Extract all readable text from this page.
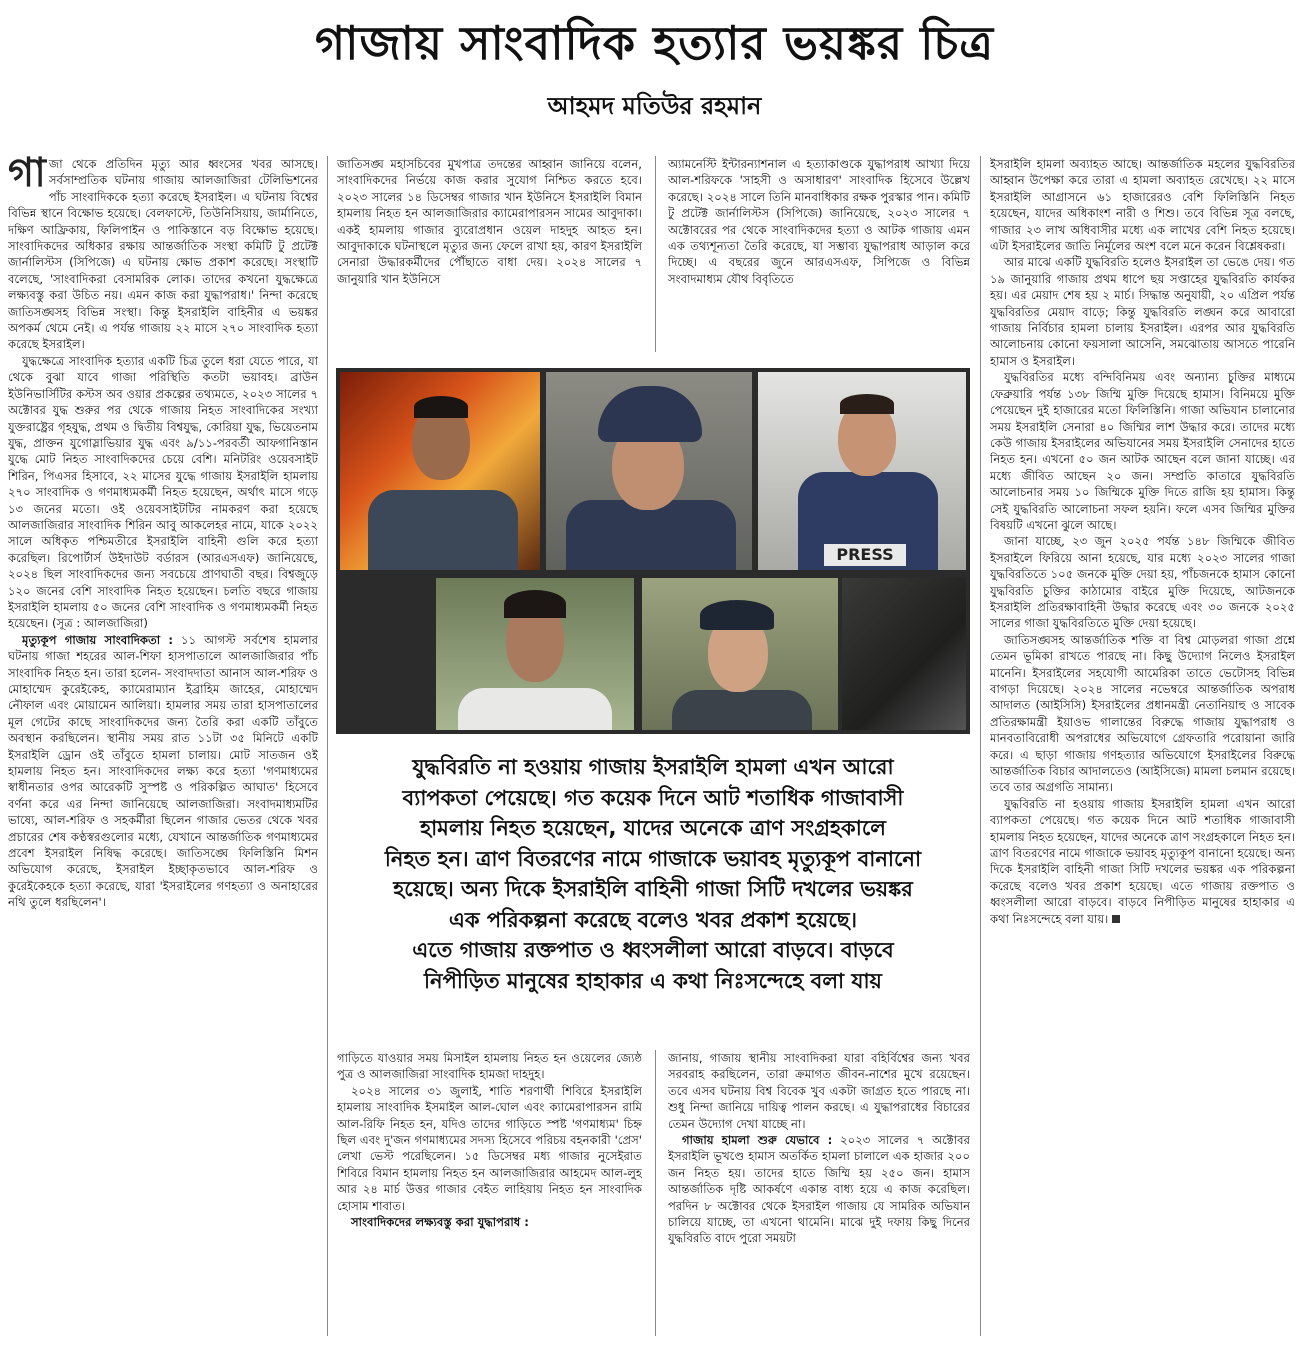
গাজায় সাংবাদিক হত্যার ভয়ঙ্কর চিত্র
আহমদ মতিউর রহমান

গাজা থেকে প্রতিদিন মৃত্যু আর ধ্বংসের খবর আসছে। সর্বসাম্প্রতিক ঘটনায় গাজায় আলজাজিরা টেলিভিশনের পাঁচ সাংবাদিককে হত্যা করেছে ইসরাইল। এ ঘটনায় বিশ্বের বিভিন্ন স্থানে বিক্ষোভ হয়েছে। বেলফাস্টে, তিউনিসিয়ায়, জার্মানিতে, দক্ষিণ আফ্রিকায়, ফিলিপাইন ও পাকিস্তানে বড় বিক্ষোভ হয়েছে। সাংবাদিকদের অধিকার রক্ষায় আন্তর্জাতিক সংস্থা কমিটি টু প্রটেক্ট জার্নালিস্টস (সিপিজে) এ ঘটনায় ক্ষোভ প্রকাশ করেছে। সংস্থাটি বলেছে, 'সাংবাদিকরা বেসামরিক লোক। তাদের কখনো যুদ্ধক্ষেত্রে লক্ষ্যবস্তু করা উচিত নয়। এমন কাজ করা যুদ্ধাপরাধ।' নিন্দা করেছে জাতিসঙ্ঘসহ বিভিন্ন সংস্থা। কিন্তু ইসরাইলি বাহিনীর এ ভয়ঙ্কর অপকর্ম থেমে নেই। এ পর্যন্ত গাজায় ২২ মাসে ২৭০ সাংবাদিক হত্যা করেছে ইসরাইল।

যুদ্ধক্ষেত্রে সাংবাদিক হত্যার একটি চিত্র তুলে ধরা যেতে পারে, যা থেকে বুঝা যাবে গাজা পরিস্থিতি কতটা ভয়াবহ। ব্রাউন ইউনিভার্সিটির কস্টস অব ওয়ার প্রকল্পের তথ্যমতে, ২০২৩ সালের ৭ অক্টোবর যুদ্ধ শুরুর পর থেকে গাজায় নিহত সাংবাদিকের সংখ্যা যুক্তরাষ্ট্রের গৃহযুদ্ধ, প্রথম ও দ্বিতীয় বিশ্বযুদ্ধ, কোরিয়া যুদ্ধ, ভিয়েতনাম যুদ্ধ, প্রাক্তন যুগোস্লাভিয়ার যুদ্ধ এবং ৯/১১-পরবর্তী আফগানিস্তান যুদ্ধে মোট নিহত সাংবাদিকদের চেয়ে বেশি। মনিটরিং ওয়েবসাইট শিরিন, পিএসর হিসাবে, ২২ মাসের যুদ্ধে গাজায় ইসরাইলি হামলায় ২৭০ সাংবাদিক ও গণমাধ্যমকর্মী নিহত হয়েছেন, অর্থাৎ মাসে গড়ে ১৩ জনের মতো। ওই ওয়েবসাইটটির নামকরণ করা হয়েছে আলজাজিরার সাংবাদিক শিরিন আবু আকলেহর নামে, যাকে ২০২২ সালে অধিকৃত পশ্চিমতীরে ইসরাইলি বাহিনী গুলি করে হত্যা করেছিল। রিপোর্টার্স উইদাউট বর্ডারস (আরএসএফ) জানিয়েছে, ২০২৪ ছিল সাংবাদিকদের জন্য সবচেয়ে প্রাণঘাতী বছর। বিশ্বজুড়ে ১২০ জনের বেশি সাংবাদিক নিহত হয়েছেন। চলতি বছরে গাজায় ইসরাইলি হামলায় ৫০ জনের বেশি সাংবাদিক ও গণমাধ্যমকর্মী নিহত হয়েছেন। (সূত্র : আলজাজিরা)

মৃত্যুকূপ গাজায় সাংবাদিকতা : ১১ আগস্ট সর্বশেষ হামলার ঘটনায় গাজা শহরের আল-শিফা হাসপাতালে আলজাজিরার পাঁচ সাংবাদিক নিহত হন। তারা হলেন- সংবাদদাতা আনাস আল-শরিফ ও মোহাম্মেদ কুরেইকেহ, ক্যামেরাম্যান ইব্রাহিম জাহের, মোহাম্মেদ নৌফাল এবং মোয়ামেন আলিয়া। হামলার সময় তারা হাসপাতালের মূল গেটের কাছে সাংবাদিকদের জন্য তৈরি করা একটি তাঁবুতে অবস্থান করছিলেন। স্থানীয় সময় রাত ১১টা ৩৫ মিনিটে একটি ইসরাইলি ড্রোন ওই তাঁবুতে হামলা চালায়। মোট সাতজন ওই হামলায় নিহত হন। সাংবাদিকদের লক্ষ্য করে হত্যা 'গণমাধ্যমের স্বাধীনতার ওপর আরেকটি সুস্পষ্ট ও পরিকল্পিত আঘাত' হিসেবে বর্ণনা করে এর নিন্দা জানিয়েছে আলজাজিরা। সংবাদমাধ্যমটির ভাষ্যে, আল-শরিফ ও সহকর্মীরা ছিলেন গাজার ভেতর থেকে খবর প্রচারের শেষ কণ্ঠস্বরগুলোর মধ্যে, যেখানে আন্তর্জাতিক গণমাধ্যমের প্রবেশ ইসরাইল নিষিদ্ধ করেছে। জাতিসঙ্ঘে ফিলিস্তিনি মিশন অভিযোগ করেছে, ইসরাইল ইচ্ছাকৃতভাবে আল-শরিফ ও কুরেইকেহকে হত্যা করেছে, যারা 'ইসরাইলের গণহত্যা ও অনাহারের নথি তুলে ধরছিলেন'।

জাতিসঙ্ঘ মহাসচিবের মুখপাত্র তদন্তের আহ্বান জানিয়ে বলেন, সাংবাদিকদের নির্ভয়ে কাজ করার সুযোগ নিশ্চিত করতে হবে। ২০২৩ সালের ১৪ ডিসেম্বর গাজার খান ইউনিসে ইসরাইলি বিমান হামলায় নিহত হন আলজাজিরার ক্যামেরাপারসন সামের আবুদাকা। একই হামলায় গাজার ব্যুরোপ্রধান ওয়েল দাহদুহ আহত হন। আবুদাকাকে ঘটনাস্থলে মৃত্যুর জন্য ফেলে রাখা হয়, কারণ ইসরাইলি সেনারা উদ্ধারকর্মীদের পৌঁছাতে বাধা দেয়। ২০২৪ সালের ৭ জানুয়ারি খান ইউনিসে

অ্যামনেস্টি ইন্টারন্যাশনাল এ হত্যাকাণ্ডকে যুদ্ধাপরাধ আখ্যা দিয়ে আল-শরিফকে 'সাহসী ও অসাধারণ' সাংবাদিক হিসেবে উল্লেখ করেছে। ২০২৪ সালে তিনি মানবাধিকার রক্ষক পুরস্কার পান। কমিটি টু প্রটেক্ট জার্নালিস্টস (সিপিজে) জানিয়েছে, ২০২৩ সালের ৭ অক্টোবরের পর থেকে সাংবাদিকদের হত্যা ও আটক গাজায় এমন এক তথ্যশূন্যতা তৈরি করেছে, যা সম্ভাব্য যুদ্ধাপরাধ আড়াল করে দিচ্ছে। এ বছরের জুনে আরএসএফ, সিপিজে ও বিভিন্ন সংবাদমাধ্যম যৌথ বিবৃতিতে

ইসরাইলি হামলা অব্যাহত আছে। আন্তর্জাতিক মহলের যুদ্ধবিরতির আহ্বান উপেক্ষা করে তারা এ হামলা অব্যাহত রেখেছে। ২২ মাসে ইসরাইলি আগ্রাসনে ৬১ হাজারেরও বেশি ফিলিস্তিনি নিহত হয়েছেন, যাদের অধিকাংশ নারী ও শিশু। তবে বিভিন্ন সূত্র বলছে, গাজার ২৩ লাখ অধিবাসীর মধ্যে এক লাখের বেশি নিহত হয়েছে। এটা ইসরাইলের জাতি নির্মূলের অংশ বলে মনে করেন বিশ্লেষকরা।

আর মাঝে একটি যুদ্ধবিরতি হলেও ইসরাইল তা ভেঙে দেয়। গত ১৯ জানুয়ারি গাজায় প্রথম ধাপে ছয় সপ্তাহের যুদ্ধবিরতি কার্যকর হয়। এর মেয়াদ শেষ হয় ২ মার্চ। সিদ্ধান্ত অনুযায়ী, ২০ এপ্রিল পর্যন্ত যুদ্ধবিরতির মেয়াদ বাড়ে; কিন্তু যুদ্ধবিরতি লঙ্ঘন করে আবারো গাজায় নির্বিচার হামলা চালায় ইসরাইল। এরপর আর যুদ্ধবিরতি আলোচনায় কোনো ফয়সালা আসেনি, সমঝোতায় আসতে পারেনি হামাস ও ইসরাইল।

যুদ্ধবিরতির মধ্যে বন্দিবিনিময় এবং অন্যান্য চুক্তির মাধ্যমে ফেব্রুয়ারি পর্যন্ত ১৩৮ জিম্মি মুক্তি দিয়েছে হামাস। বিনিময়ে মুক্তি পেয়েছেন দুই হাজারের মতো ফিলিস্তিনি। গাজা অভিযান চালানোর সময় ইসরাইলি সেনারা ৪০ জিম্মির লাশ উদ্ধার করে। তাদের মধ্যে কেউ গাজায় ইসরাইলের অভিযানের সময় ইসরাইলি সেনাদের হাতে নিহত হন। এখনো ৫০ জন আটক আছেন বলে জানা যাচ্ছে। এর মধ্যে জীবিত আছেন ২০ জন। সম্প্রতি কাতারে যুদ্ধবিরতি আলোচনার সময় ১০ জিম্মিকে মুক্তি দিতে রাজি হয় হামাস। কিন্তু সেই যুদ্ধবিরতি আলোচনা সফল হয়নি। ফলে এসব জিম্মির মুক্তির বিষয়টি এখনো ঝুলে আছে।

জানা যাচ্ছে, ২৩ জুন ২০২৫ পর্যন্ত ১৪৮ জিম্মিকে জীবিত ইসরাইলে ফিরিয়ে আনা হয়েছে, যার মধ্যে ২০২৩ সালের গাজা যুদ্ধবিরতিতে ১০৫ জনকে মুক্তি দেয়া হয়, পাঁচজনকে হামাস কোনো যুদ্ধবিরতি চুক্তির কাঠামোর বাইরে মুক্তি দিয়েছে, আটজনকে ইসরাইলি প্রতিরক্ষাবাহিনী উদ্ধার করেছে এবং ৩০ জনকে ২০২৫ সালের গাজা যুদ্ধবিরতিতে মুক্তি দেয়া হয়েছে।

জাতিসঙ্ঘসহ আন্তর্জাতিক শক্তি বা বিশ্ব মোড়লরা গাজা প্রশ্নে তেমন ভূমিকা রাখতে পারছে না। কিছু উদ্যোগ নিলেও ইসরাইল মানেনি। ইসরাইলের সহযোগী আমেরিকা তাতে ভেটোসহ বিভিন্ন বাগড়া দিয়েছে। ২০২৪ সালের নভেম্বরে আন্তর্জাতিক অপরাধ আদালত (আইসিসি) ইসরাইলের প্রধানমন্ত্রী নেতানিয়াহু ও সাবেক প্রতিরক্ষামন্ত্রী ইয়াওভ গালান্তের বিরুদ্ধে গাজায় যুদ্ধাপরাধ ও মানবতাবিরোধী অপরাধের অভিযোগে গ্রেফতারি পরোয়ানা জারি করে। এ ছাড়া গাজায় গণহত্যার অভিযোগে ইসরাইলের বিরুদ্ধে আন্তর্জাতিক বিচার আদালতেও (আইসিজে) মামলা চলমান রয়েছে। তবে তার অগ্রগতি সামান্য।

যুদ্ধবিরতি না হওয়ায় গাজায় ইসরাইলি হামলা এখন আরো ব্যাপকতা পেয়েছে। গত কয়েক দিনে আট শতাধিক গাজাবাসী হামলায় নিহত হয়েছেন, যাদের অনেকে ত্রাণ সংগ্রহকালে নিহত হন। ত্রাণ বিতরণের নামে গাজাকে ভয়াবহ মৃত্যুকূপ বানানো হয়েছে। অন্য দিকে ইসরাইলি বাহিনী গাজা সিটি দখলের ভয়ঙ্কর এক পরিকল্পনা করেছে বলেও খবর প্রকাশ হয়েছে। এতে গাজায় রক্তপাত ও ধ্বংসলীলা আরো বাড়বে। বাড়বে নিপীড়িত মানুষের হাহাকার এ কথা নিঃসন্দেহে বলা যায়।

PRESS
যুদ্ধবিরতি না হওয়ায় গাজায় ইসরাইলি হামলা এখন আরো
ব্যাপকতা পেয়েছে। গত কয়েক দিনে আট শতাধিক গাজাবাসী
হামলায় নিহত হয়েছেন, যাদের অনেকে ত্রাণ সংগ্রহকালে
নিহত হন। ত্রাণ বিতরণের নামে গাজাকে ভয়াবহ মৃত্যুকূপ বানানো
হয়েছে। অন্য দিকে ইসরাইলি বাহিনী গাজা সিটি দখলের ভয়ঙ্কর
এক পরিকল্পনা করেছে বলেও খবর প্রকাশ হয়েছে।
এতে গাজায় রক্তপাত ও ধ্বংসলীলা আরো বাড়বে। বাড়বে
নিপীড়িত মানুষের হাহাকার এ কথা নিঃসন্দেহে বলা যায়

গাড়িতে যাওয়ার সময় মিসাইল হামলায় নিহত হন ওয়েলের জ্যেষ্ঠ পুত্র ও আলজাজিরা সাংবাদিক হামজা দাহদুহ।

২০২৪ সালের ৩১ জুলাই, শাতি শরণার্থী শিবিরে ইসরাইলি হামলায় সাংবাদিক ইসমাইল আল-ঘোল এবং ক্যামেরাপারসন রামি আল-রিফি নিহত হন, যদিও তাদের গাড়িতে স্পষ্ট 'গণমাধ্যম' চিহ্ন ছিল এবং দু'জন গণমাধ্যমের সদস্য হিসেবে পরিচয় বহনকারী 'প্রেস' লেখা ভেস্ট পরেছিলেন। ১৫ ডিসেম্বর মধ্য গাজার নুসেইরাত শিবিরে বিমান হামলায় নিহত হন আলজাজিরার আহমেদ আল-লুহ আর ২৪ মার্চ উত্তর গাজার বেইত লাহিয়ায় নিহত হন সাংবাদিক হোসাম শাবাত।

সাংবাদিকদের লক্ষ্যবস্তু করা যুদ্ধাপরাধ :

জানায়, গাজায় স্থানীয় সাংবাদিকরা যারা বহির্বিশ্বের জন্য খবর সরবরাহ করছিলেন, তারা ক্রমাগত জীবন-নাশের মুখে রয়েছেন। তবে এসব ঘটনায় বিশ্ব বিবেক খুব একটা জাগ্রত হতে পারছে না। শুধু নিন্দা জানিয়ে দায়িত্ব পালন করছে। এ যুদ্ধাপরাধের বিচারের তেমন উদ্যোগ দেখা যাচ্ছে না।

গাজায় হামলা শুরু যেভাবে : ২০২৩ সালের ৭ অক্টোবর ইসরাইলি ভূখণ্ডে হামাস অতর্কিত হামলা চালালে এক হাজার ২০০ জন নিহত হয়। তাদের হাতে জিম্মি হয় ২৫০ জন। হামাস আন্তর্জাতিক দৃষ্টি আকর্ষণে একান্ত বাধ্য হয়ে এ কাজ করেছিল। পরদিন ৮ অক্টোবর থেকে ইসরাইল গাজায় যে সামরিক অভিযান চালিয়ে যাচ্ছে, তা এখনো থামেনি। মাঝে দুই দফায় কিছু দিনের যুদ্ধবিরতি বাদে পুরো সময়টা
